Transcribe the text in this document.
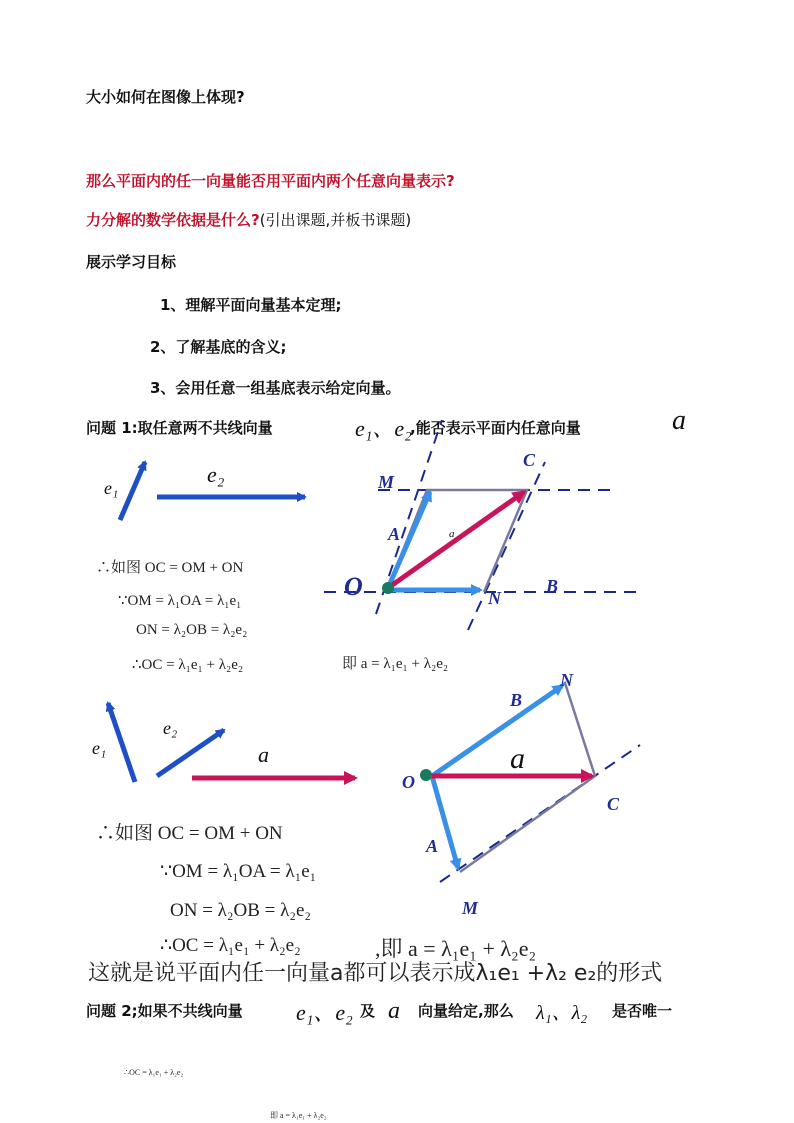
大小如何在图像上体现?
那么平面内的任一向量能否用平面内两个任意向量表示?
力分解的数学依据是什么?(引出课题,并板书课题)
展示学习目标
1、理解平面向量基本定理;
2、了解基底的含义;
3、会用任意一组基底表示给定向量。
问题 1:取任意两不共线向量	e₁、e₂
,能否表示平面内任意向量	a
e₁
e₂	M
C
A
O	N
B
a
∴如图 OC = OM + ON
∵OM = λ₁OA = λ₁e₁
ON = λ₂OB = λ₂e₂
∴OC = λ₁e₁ + λ₂e₂	即 a = λ₁e₁ + λ₂e₂
e₁
e₂
a
N
B
a
O
C
A
M
∴如图 OC = OM + ON
∵OM = λ₁OA = λ₁e₁
ON = λ₂OB = λ₂e₂
∴OC = λ₁e₁ + λ₂e₂	,即 a = λ₁e₁ + λ₂e₂
这就是说平面内任一向量a都可以表示成λ₁e₁ +λ₂ e₂的形式
问题 2;如果不共线向量 e₁、e₂ 及 a 向量给定,那么 λ₁、λ₂ 是否唯一
∴OC = λ₁e₁ + λ₂e₂
即 a = λ₁e₁ + λ₂e₂
